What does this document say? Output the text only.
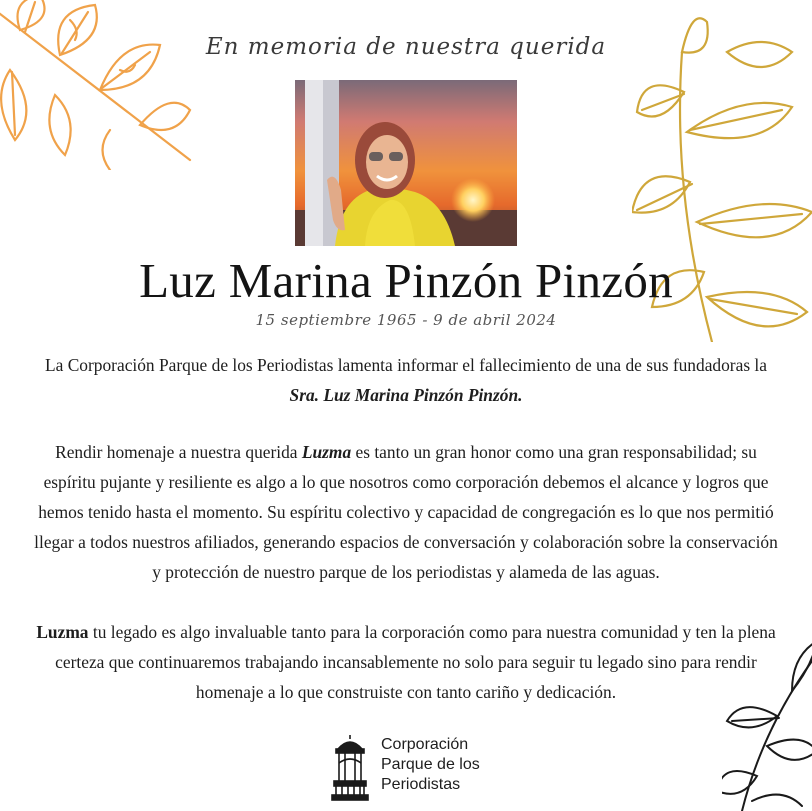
En memoria de nuestra querida
Luz Marina Pinzón Pinzón
15 septiembre 1965 - 9 de abril 2024
La Corporación Parque de los Periodistas lamenta informar el fallecimiento de una de sus fundadoras la Sra. Luz Marina Pinzón Pinzón.
Rendir homenaje a nuestra querida Luzma es tanto un gran honor como una gran responsabilidad; su espíritu pujante y resiliente es algo a lo que nosotros como corporación debemos el alcance y logros que hemos tenido hasta el momento. Su espíritu colectivo y capacidad de congregación es lo que nos permitió llegar a todos nuestros afiliados, generando espacios de conversación y colaboración sobre la conservación y protección de nuestro parque de los periodistas y alameda de las aguas.
Luzma tu legado es algo invaluable tanto para la corporación como para nuestra comunidad y ten la plena certeza que continuaremos trabajando incansablemente no solo para seguir tu legado sino para rendir homenaje a lo que construiste con tanto cariño y dedicación.
Corporación
Parque de los
Periodistas
